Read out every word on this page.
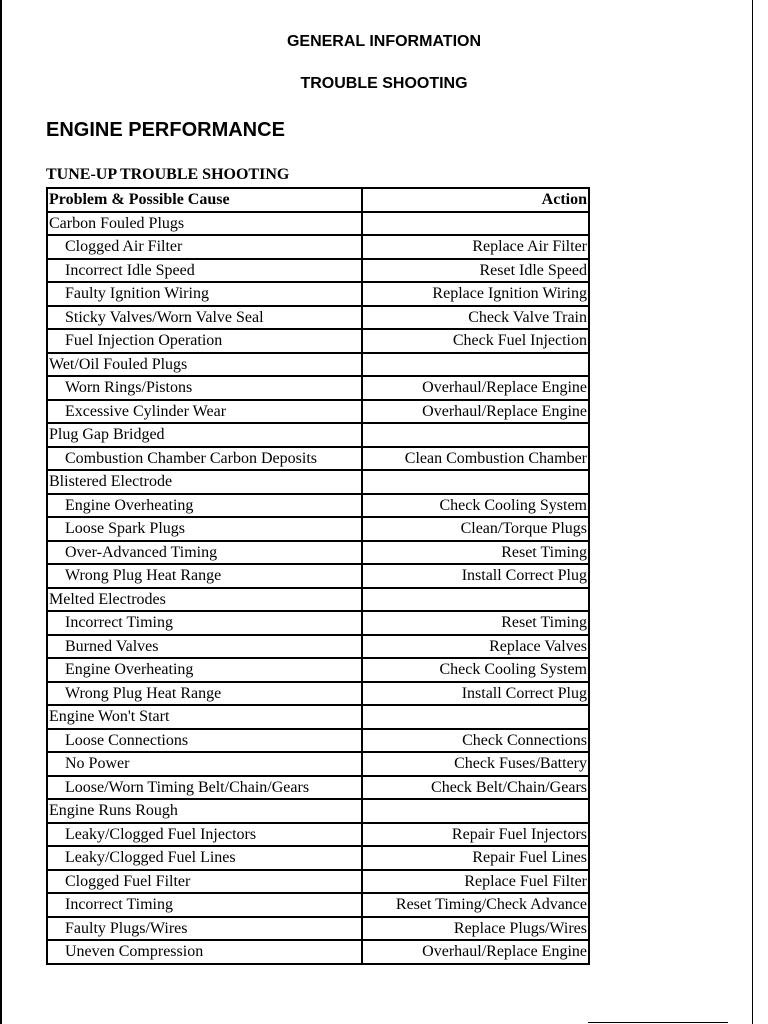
GENERAL INFORMATION
TROUBLE SHOOTING
ENGINE PERFORMANCE
TUNE-UP TROUBLE SHOOTING
Problem & Possible Cause	Action
Carbon Fouled Plugs	
Clogged Air Filter	Replace Air Filter
Incorrect Idle Speed	Reset Idle Speed
Faulty Ignition Wiring	Replace Ignition Wiring
Sticky Valves/Worn Valve Seal	Check Valve Train
Fuel Injection Operation	Check Fuel Injection
Wet/Oil Fouled Plugs	
Worn Rings/Pistons	Overhaul/Replace Engine
Excessive Cylinder Wear	Overhaul/Replace Engine
Plug Gap Bridged	
Combustion Chamber Carbon Deposits	Clean Combustion Chamber
Blistered Electrode	
Engine Overheating	Check Cooling System
Loose Spark Plugs	Clean/Torque Plugs
Over-Advanced Timing	Reset Timing
Wrong Plug Heat Range	Install Correct Plug
Melted Electrodes	
Incorrect Timing	Reset Timing
Burned Valves	Replace Valves
Engine Overheating	Check Cooling System
Wrong Plug Heat Range	Install Correct Plug
Engine Won't Start	
Loose Connections	Check Connections
No Power	Check Fuses/Battery
Loose/Worn Timing Belt/Chain/Gears	Check Belt/Chain/Gears
Engine Runs Rough	
Leaky/Clogged Fuel Injectors	Repair Fuel Injectors
Leaky/Clogged Fuel Lines	Repair Fuel Lines
Clogged Fuel Filter	Replace Fuel Filter
Incorrect Timing	Reset Timing/Check Advance
Faulty Plugs/Wires	Replace Plugs/Wires
Uneven Compression	Overhaul/Replace Engine
